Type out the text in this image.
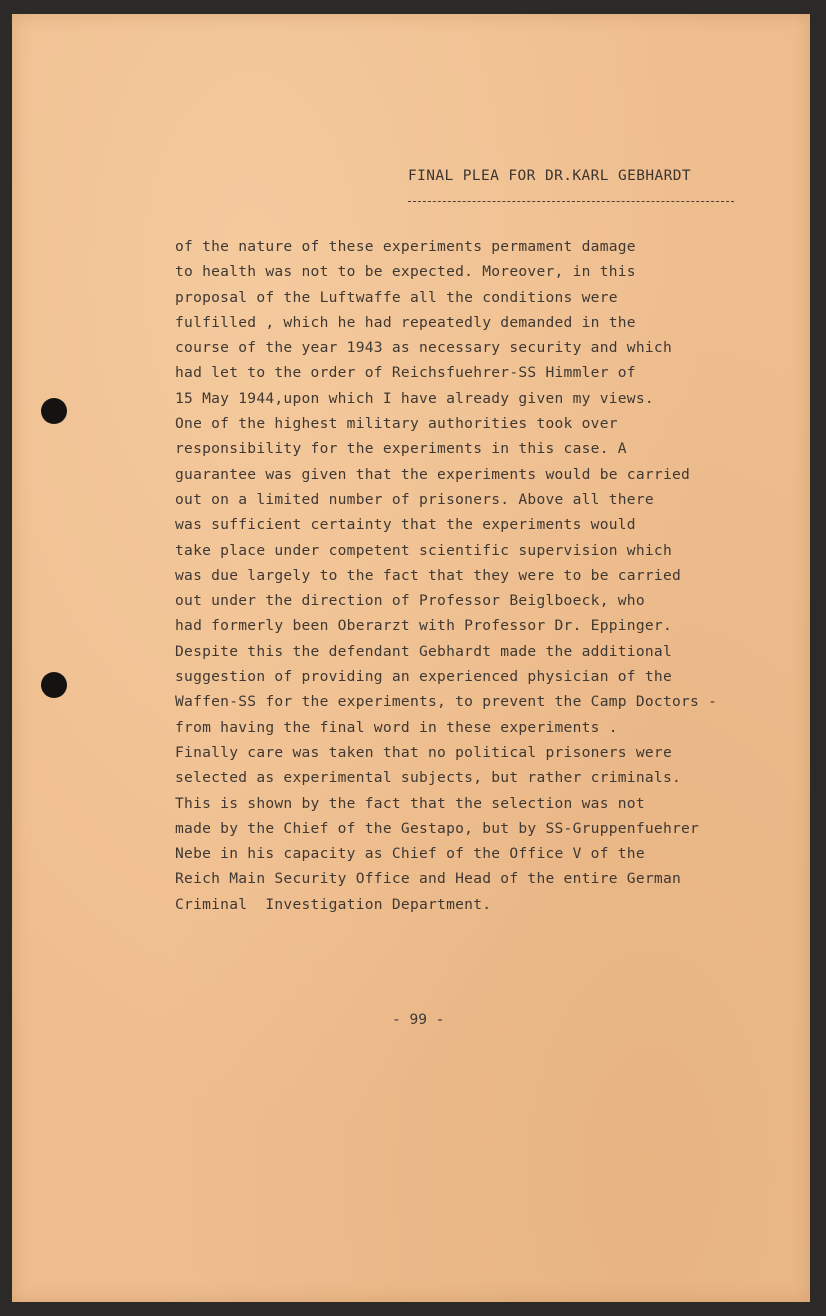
FINAL PLEA FOR DR.KARL GEBHARDT
of the nature of these experiments permament damage
to health was not to be expected. Moreover, in this
proposal of the Luftwaffe all the conditions were
fulfilled , which he had repeatedly demanded in the
course of the year 1943 as necessary security and which
had let to the order of Reichsfuehrer-SS Himmler of
15 May 1944,upon which I have already given my views.
One of the highest military authorities took over
responsibility for the experiments in this case. A
guarantee was given that the experiments would be carried
out on a limited number of prisoners. Above all there
was sufficient certainty that the experiments would
take place under competent scientific supervision which
was due largely to the fact that they were to be carried
out under the direction of Professor Beiglboeck, who
had formerly been Oberarzt with Professor Dr. Eppinger.
Despite this the defendant Gebhardt made the additional
suggestion of providing an experienced physician of the
Waffen-SS for the experiments, to prevent the Camp Doctors -
from having the final word in these experiments .
Finally care was taken that no political prisoners were
selected as experimental subjects, but rather criminals.
This is shown by the fact that the selection was not
made by the Chief of the Gestapo, but by SS-Gruppenfuehrer
Nebe in his capacity as Chief of the Office V of the
Reich Main Security Office and Head of the entire German
Criminal  Investigation Department.
- 99 -
